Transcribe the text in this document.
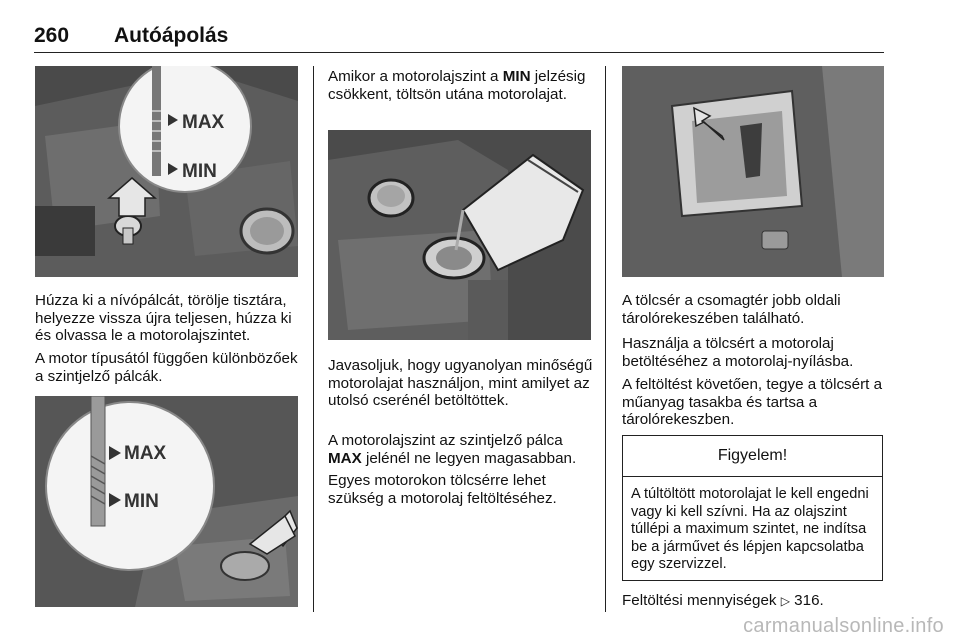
260 Autóápolás
MAX
MIN

Húzza ki a nívópálcát, törölje tisztára, helyezze vissza újra teljesen, húzza ki és olvassa le a motorolajszintet.

A motor típusától függően különbözőek a szintjelző pálcák.

MAX
MIN

Amikor a motorolajszint a MIN jelzésig csökkent, töltsön utána motorolajat.

Javasoljuk, hogy ugyanolyan minőségű motorolajat használjon, mint amilyet az utolsó cserénél betöltöttek.

A motorolajszint az szintjelző pálca MAX jelénél ne legyen magasabban.

Egyes motorokon tölcsérre lehet szükség a motorolaj feltöltéséhez.

A tölcsér a csomagtér jobb oldali tárolórekeszében található.

Használja a tölcsért a motorolaj betöltéséhez a motorolaj-nyílásba.

A feltöltést követően, tegye a tölcsért a műanyag tasakba és tartsa a tárolórekeszben.

Figyelem!
A túltöltött motorolajat le kell engedni vagy ki kell szívni. Ha az olajszint túllépi a maximum szintet, ne indítsa be a járművet és lépjen kapcsolatba egy szervizzel.

Feltöltési mennyiségek ▷ 316.

carmanualsonline.info
